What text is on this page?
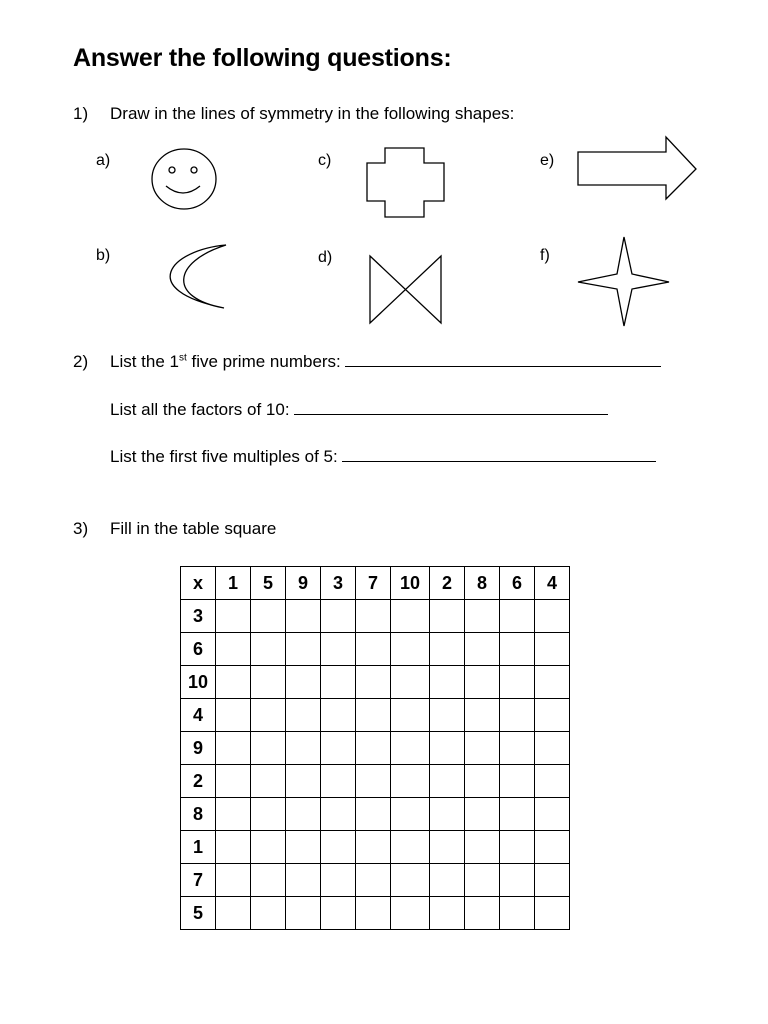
Answer the following questions:
1) Draw in the lines of symmetry in the following shapes:
a)	c)	e)
b)	d)	f)
2) List the 1st five prime numbers:
List all the factors of 10:
List the first five multiples of 5:
3) Fill in the table square
x	1	5	9	3	7	10	2	8	6	4
3										
6										
10										
4										
9										
2										
8										
1										
7										
5										
